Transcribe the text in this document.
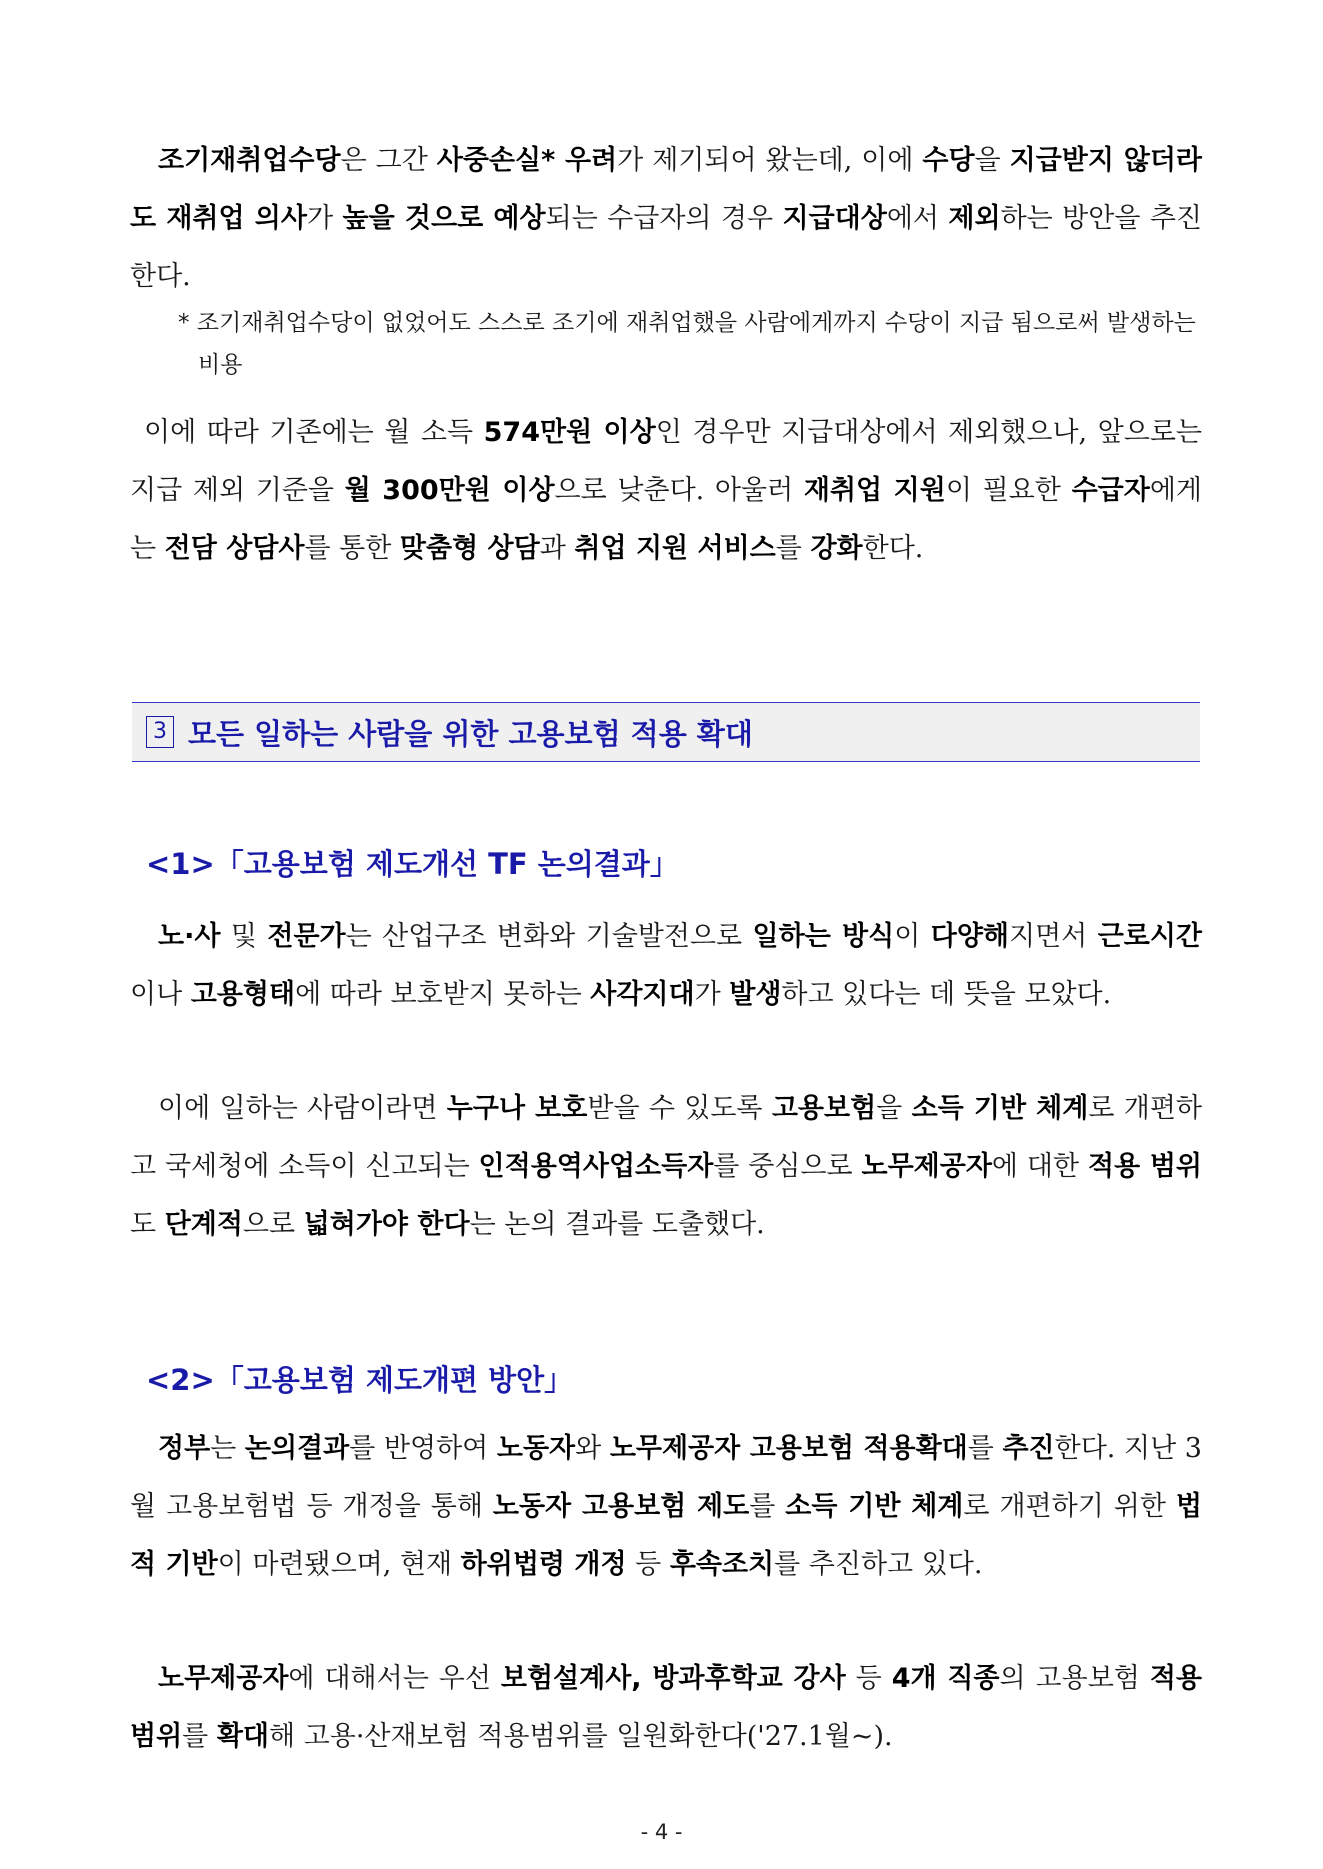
조기재취업수당은 그간 사중손실* 우려가 제기되어 왔는데, 이에 수당을 지급받지 않더라도 재취업 의사가 높을 것으로 예상되는 수급자의 경우 지급대상에서 제외하는 방안을 추진한다.
* 조기재취업수당이 없었어도 스스로 조기에 재취업했을 사람에게까지 수당이 지급 됨으로써 발생하는 비용
이에 따라 기존에는 월 소득 574만원 이상인 경우만 지급대상에서 제외했으나, 앞으로는 지급 제외 기준을 월 300만원 이상으로 낮춘다. 아울러 재취업 지원이 필요한 수급자에게는 전담 상담사를 통한 맞춤형 상담과 취업 지원 서비스를 강화한다.
3 모든 일하는 사람을 위한 고용보험 적용 확대
<1>「고용보험 제도개선 TF 논의결과」
노·사 및 전문가는 산업구조 변화와 기술발전으로 일하는 방식이 다양해지면서 근로시간이나 고용형태에 따라 보호받지 못하는 사각지대가 발생하고 있다는 데 뜻을 모았다.
이에 일하는 사람이라면 누구나 보호받을 수 있도록 고용보험을 소득 기반 체계로 개편하고 국세청에 소득이 신고되는 인적용역사업소득자를 중심으로 노무제공자에 대한 적용 범위도 단계적으로 넓혀가야 한다는 논의 결과를 도출했다.
<2>「고용보험 제도개편 방안」
정부는 논의결과를 반영하여 노동자와 노무제공자 고용보험 적용확대를 추진한다. 지난 3월 고용보험법 등 개정을 통해 노동자 고용보험 제도를 소득 기반 체계로 개편하기 위한 법적 기반이 마련됐으며, 현재 하위법령 개정 등 후속조치를 추진하고 있다.
노무제공자에 대해서는 우선 보험설계사, 방과후학교 강사 등 4개 직종의 고용보험 적용범위를 확대해 고용·산재보험 적용범위를 일원화한다('27.1월~).
- 4 -
